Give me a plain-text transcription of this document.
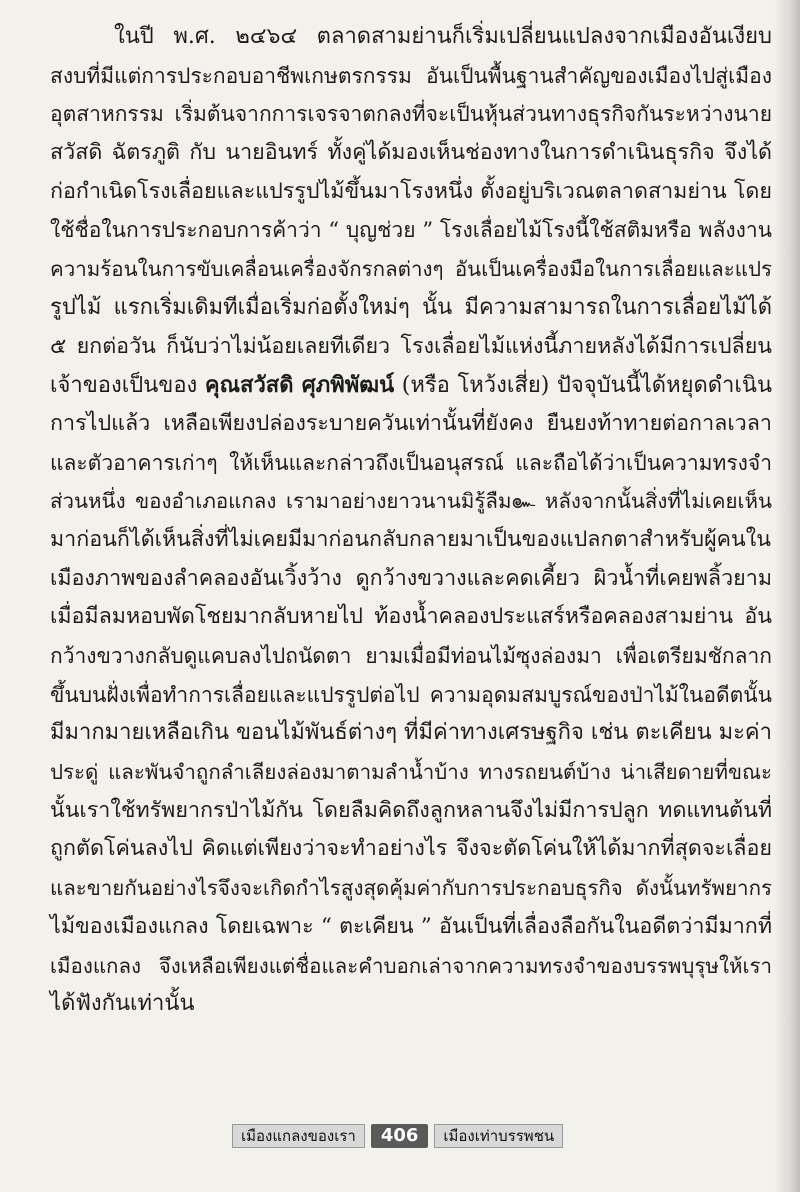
ในปี พ.ศ. ๒๔๖๔ ตลาดสามย่านก็เริ่มเปลี่ยนแปลงจากเมืองอันเงียบ
สงบที่มีแต่การประกอบอาชีพเกษตรกรรม อันเป็นพื้นฐานสำคัญของเมืองไปสู่เมือง
อุตสาหกรรม เริ่มต้นจากการเจรจาตกลงที่จะเป็นหุ้นส่วนทางธุรกิจกันระหว่างนาย
สวัสดิ ฉัตรภูติ กับ นายอินทร์ ทั้งคู่ได้มองเห็นช่องทางในการดำเนินธุรกิจ จึงได้
ก่อกำเนิดโรงเลื่อยและแปรรูปไม้ขึ้นมาโรงหนึ่ง ตั้งอยู่บริเวณตลาดสามย่าน โดย
ใช้ชื่อในการประกอบการค้าว่า “ บุญช่วย ” โรงเลื่อยไม้โรงนี้ใช้สติมหรือ พลังงาน
ความร้อนในการขับเคลื่อนเครื่องจักรกลต่างๆ อันเป็นเครื่องมือในการเลื่อยและแปร
รูปไม้ แรกเริ่มเดิมทีเมื่อเริ่มก่อตั้งใหม่ๆ นั้น มีความสามารถในการเลื่อยไม้ได้
๕ ยกต่อวัน ก็นับว่าไม่น้อยเลยทีเดียว โรงเลื่อยไม้แห่งนี้ภายหลังได้มีการเปลี่ยน
เจ้าของเป็นของ คุณสวัสดิ ศุภพิพัฒน์ (หรือ โหว้งเสี่ย) ปัจจุบันนี้ได้หยุดดำเนิน
การไปแล้ว เหลือเพียงปล่องระบายควันเท่านั้นที่ยังคง ยืนยงท้าทายต่อกาลเวลา
และตัวอาคารเก่าๆ ให้เห็นและกล่าวถึงเป็นอนุสรณ์ และถือได้ว่าเป็นความทรงจำ
ส่วนหนึ่ง ของอำเภอแกลง เรามาอย่างยาวนานมิรู้ลืม๛ หลังจากนั้นสิ่งที่ไม่เคยเห็น
มาก่อนก็ได้เห็นสิ่งที่ไม่เคยมีมาก่อนกลับกลายมาเป็นของแปลกตาสำหรับผู้คนใน
เมืองภาพของลำคลองอันเวิ้งว้าง ดูกว้างขวางและคดเคี้ยว ผิวน้ำที่เคยพลิ้วยาม
เมื่อมีลมหอบพัดโชยมากลับหายไป ท้องน้ำคลองประแสร์หรือคลองสามย่าน อัน
กว้างขวางกลับดูแคบลงไปถนัดตา ยามเมื่อมีท่อนไม้ซุงล่องมา เพื่อเตรียมชักลาก
ขึ้นบนฝั่งเพื่อทำการเลื่อยและแปรรูปต่อไป ความอุดมสมบูรณ์ของป่าไม้ในอดีตนั้น
มีมากมายเหลือเกิน ขอนไม้พันธ์ต่างๆ ที่มีค่าทางเศรษฐกิจ เช่น ตะเคียน มะค่า
ประดู่ และพันจำถูกลำเลียงล่องมาตามลำน้ำบ้าง ทางรถยนต์บ้าง น่าเสียดายที่ขณะ
นั้นเราใช้ทรัพยากรป่าไม้กัน โดยลืมคิดถึงลูกหลานจึงไม่มีการปลูก ทดแทนต้นที่
ถูกตัดโค่นลงไป คิดแต่เพียงว่าจะทำอย่างไร จึงจะตัดโค่นให้ได้มากที่สุดจะเลื่อย
และขายกันอย่างไรจึงจะเกิดกำไรสูงสุดคุ้มค่ากับการประกอบธุรกิจ ดังนั้นทรัพยากร
ไม้ของเมืองแกลง โดยเฉพาะ “ ตะเคียน ” อันเป็นที่เลื่องลือกันในอดีตว่ามีมากที่
เมืองแกลง จึงเหลือเพียงแต่ชื่อและคำบอกเล่าจากความทรงจำของบรรพบุรุษให้เรา
ได้ฟังกันเท่านั้น
เมืองแกลงของเรา	406	เมืองเท่าบรรพชน
